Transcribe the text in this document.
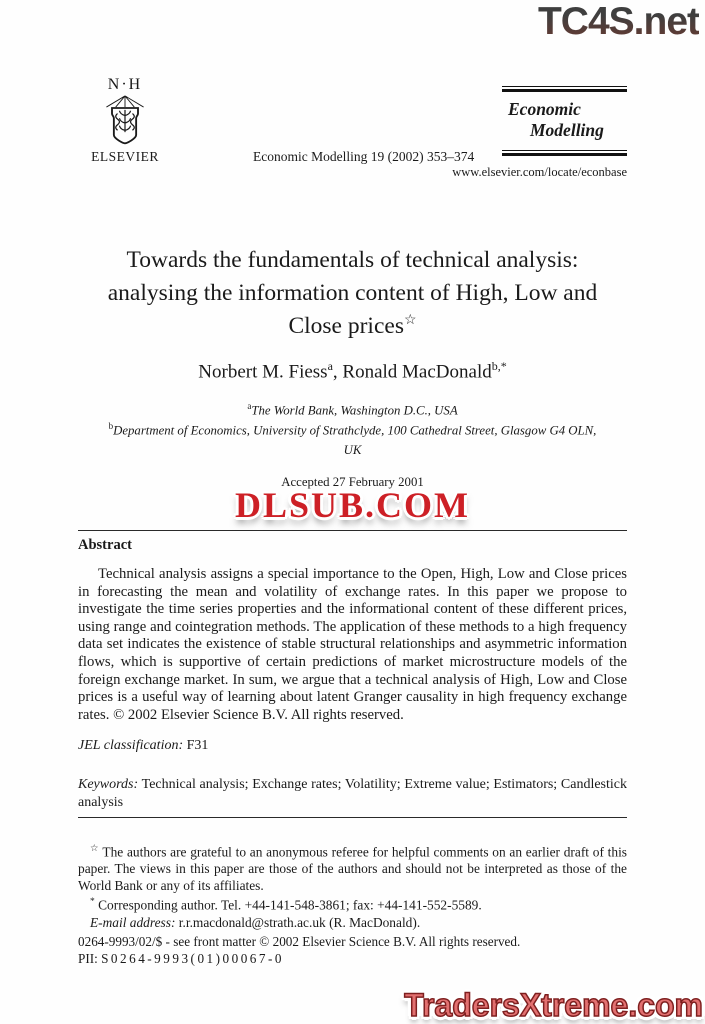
TC4S.net
N·H
ELSEVIER	Economic Modelling 19 (2002) 353–374
Economic
Modelling
www.elsevier.com/locate/econbase
Towards the fundamentals of technical analysis: analysing the information content of High, Low and Close prices☆
Norbert M. Fiess$^a$, Ronald MacDonald$^{b,*}$
$^a$The World Bank, Washington D.C., USA
$^b$Department of Economics, University of Strathclyde, 100 Cathedral Street, Glasgow G4 OLN,
UK
Accepted 27 February 2001
DLSUB.COM
Abstract
Technical analysis assigns a special importance to the Open, High, Low and Close prices in forecasting the mean and volatility of exchange rates. In this paper we propose to investigate the time series properties and the informational content of these different prices, using range and cointegration methods. The application of these methods to a high frequency data set indicates the existence of stable structural relationships and asymmetric information flows, which is supportive of certain predictions of market microstructure models of the foreign exchange market. In sum, we argue that a technical analysis of High, Low and Close prices is a useful way of learning about latent Granger causality in high frequency exchange rates. © 2002 Elsevier Science B.V. All rights reserved.
JEL classification: F31
Keywords: Technical analysis; Exchange rates; Volatility; Extreme value; Estimators; Candlestick analysis

☆ The authors are grateful to an anonymous referee for helpful comments on an earlier draft of this paper. The views in this paper are those of the authors and should not be interpreted as those of the World Bank or any of its affiliates.

* Corresponding author. Tel. +44-141-548-3861; fax: +44-141-552-5589.

E-mail address: r.r.macdonald@strath.ac.uk (R. MacDonald).

0264-9993/02/$ - see front matter © 2002 Elsevier Science B.V. All rights reserved.
PII: S0264-9993(01)00067-0
TradersXtreme.com
